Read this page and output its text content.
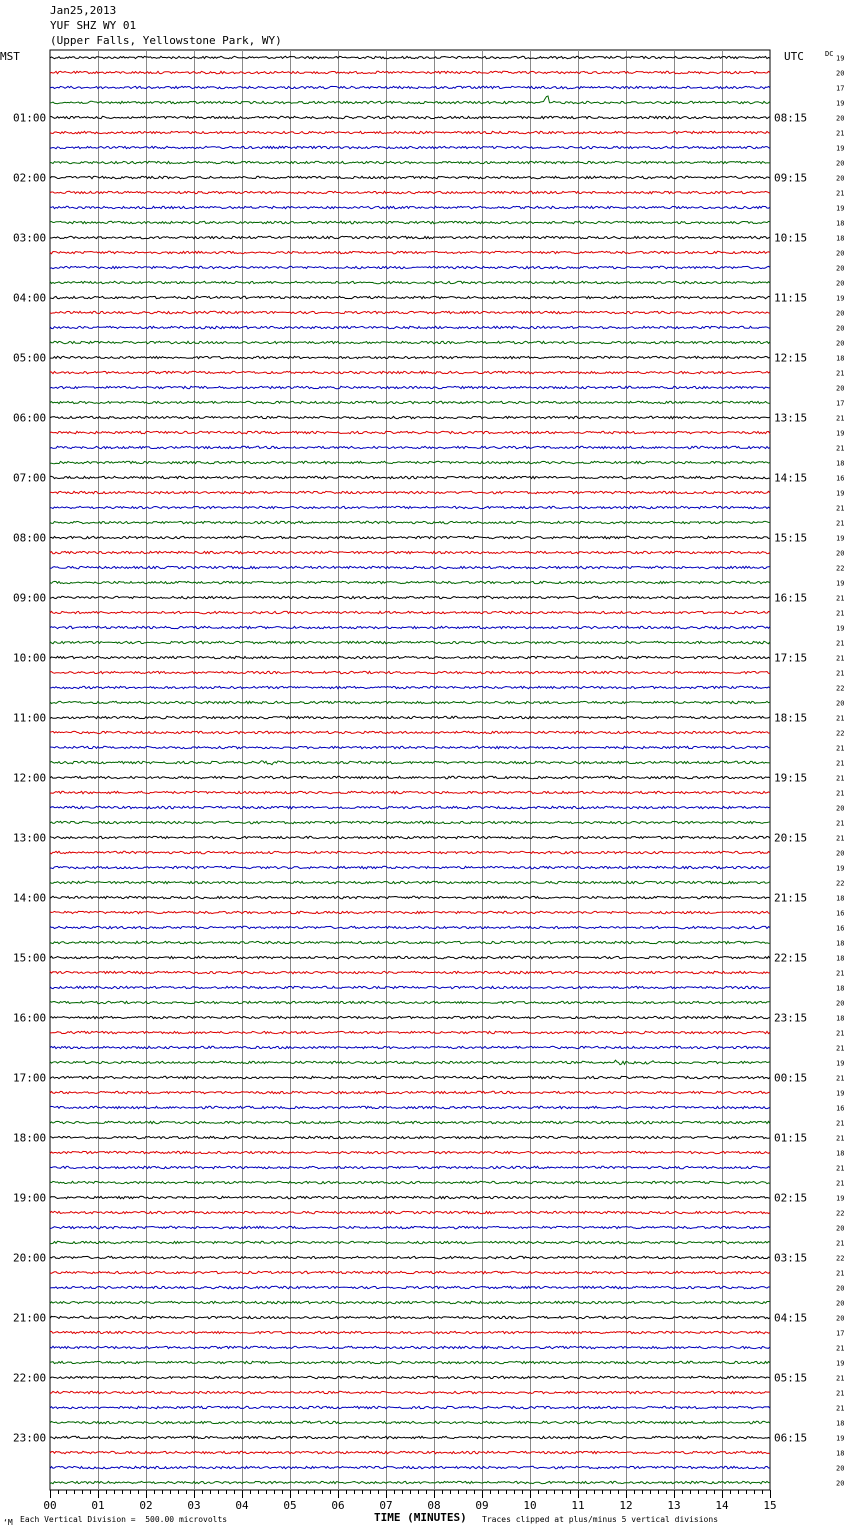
Jan25,2013
YUF SHZ WY 01
(Upper Falls, Yellowstone Park, WY)
19
20
17
19
20
21
19
20
20
21
19
18
18
20
20
20
19
20
20
20
18
21
20
17
21
19
21
18
16
19
21
21
19
20
22
19
21
21
19
21
21
21
22
20
21
22
21
21
21
21
20
21
21
20
19
22
18
16
16
18
18
21
18
20
18
21
21
19
21
19
16
21
21
18
21
21
19
22
20
21
22
21
20
20
20
17
21
19
21
21
21
18
19
18
20
20
MST	UTC	DC
01:00
02:00
03:00
04:00
05:00
06:00
07:00
08:00
09:00
10:00
11:00
12:00
13:00
14:00
15:00
16:00
17:00
18:00
19:00
20:00
21:00
22:00
23:00
08:15
09:15
10:15
11:15
12:15
13:15
14:15
15:15
16:15
17:15
18:15
19:15
20:15
21:15
22:15
23:15
00:15
01:15
02:15
03:15
04:15
05:15
06:15
00	01	02	03	04	05	06	07	08	09	10	11	12	13	14	15
‘M Each Vertical Division =  500.00 microvolts	TIME (MINUTES) Traces clipped at plus/minus 5 vertical divisions
